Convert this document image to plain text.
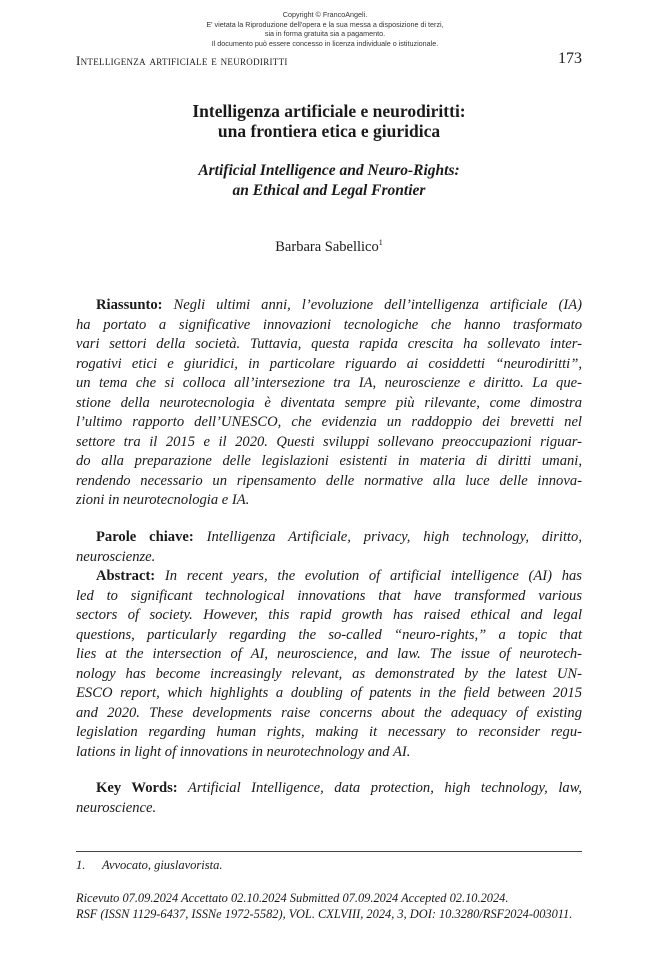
Copyright © FrancoAngeli.
E' vietata la Riproduzione dell'opera e la sua messa a disposizione di terzi,
sia in forma gratuita sia a pagamento.
Il documento può essere concesso in licenza individuale o istituzionale.
Intelligenza artificiale e neurodiritti	173
Intelligenza artificiale e neurodiritti:
una frontiera etica e giuridica
Artificial Intelligence and Neuro-Rights:
an Ethical and Legal Frontier
Barbara Sabellico$^1$
Riassunto: Negli ultimi anni, l’evoluzione dell’intelligenza artificiale (IA)
ha portato a significative innovazioni tecnologiche che hanno trasformato
vari settori della società. Tuttavia, questa rapida crescita ha sollevato inter-
rogativi etici e giuridici, in particolare riguardo ai cosiddetti “neurodiritti”,
un tema che si colloca all’intersezione tra IA, neuroscienze e diritto. La que-
stione della neurotecnologia è diventata sempre più rilevante, come dimostra
l’ultimo rapporto dell’UNESCO, che evidenzia un raddoppio dei brevetti nel
settore tra il 2015 e il 2020. Questi sviluppi sollevano preoccupazioni riguar-
do alla preparazione delle legislazioni esistenti in materia di diritti umani,
rendendo necessario un ripensamento delle normative alla luce delle innova-
zioni in neurotecnologia e IA.
Parole chiave: Intelligenza Artificiale, privacy, high technology, diritto,
neuroscienze.
Abstract: In recent years, the evolution of artificial intelligence (AI) has
led to significant technological innovations that have transformed various
sectors of society. However, this rapid growth has raised ethical and legal
questions, particularly regarding the so-called “neuro-rights,” a topic that
lies at the intersection of AI, neuroscience, and law. The issue of neurotech-
nology has become increasingly relevant, as demonstrated by the latest UN-
ESCO report, which highlights a doubling of patents in the field between 2015
and 2020. These developments raise concerns about the adequacy of existing
legislation regarding human rights, making it necessary to reconsider regu-
lations in light of innovations in neurotechnology and AI.
Key Words: Artificial Intelligence, data protection, high technology, law,
neuroscience.
1. Avvocato, giuslavorista.
Ricevuto 07.09.2024 Accettato 02.10.2024 Submitted 07.09.2024 Accepted 02.10.2024.
RSF (ISSN 1129-6437, ISSNe 1972-5582), VOL. CXLVIII, 2024, 3, DOI: 10.3280/RSF2024-003011.
